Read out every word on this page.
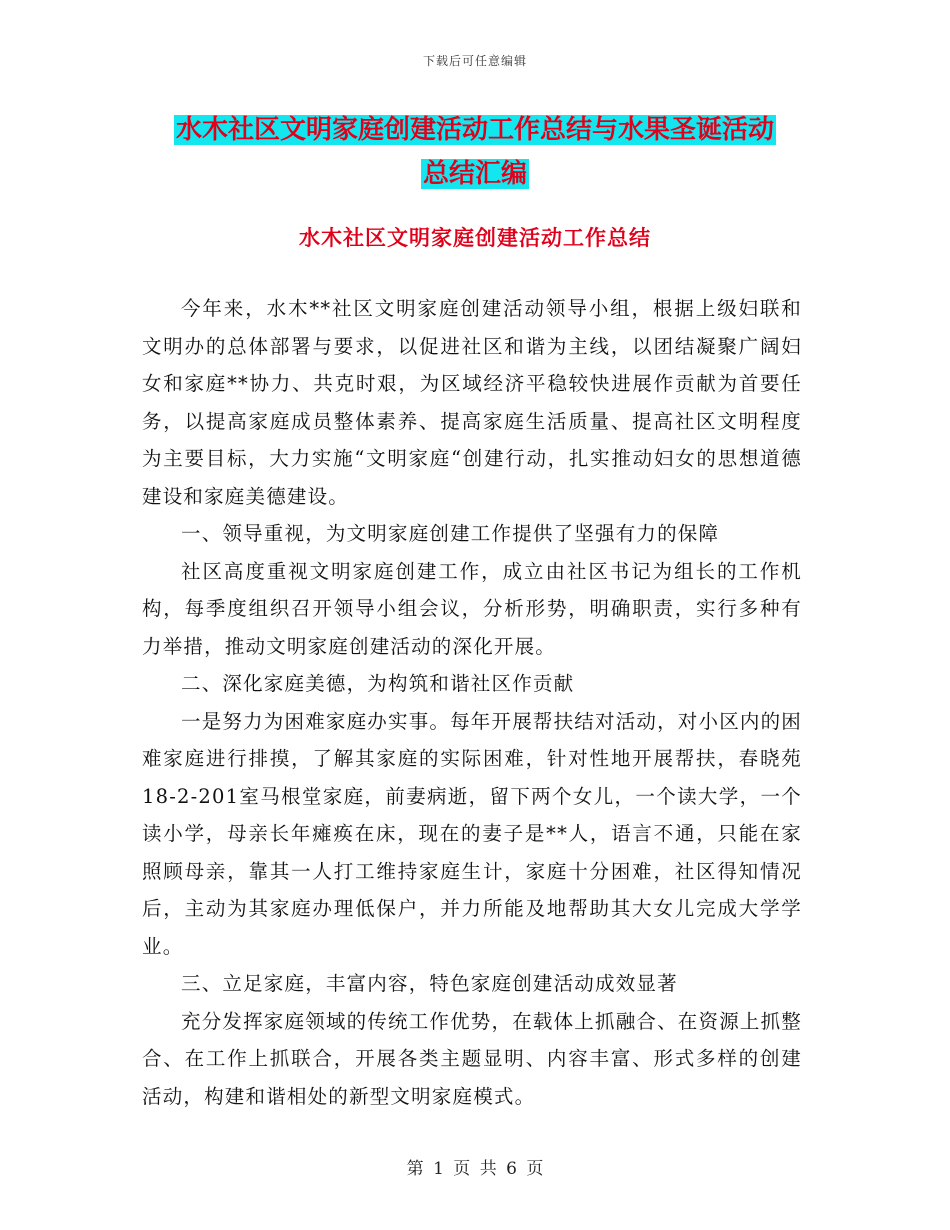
下载后可任意编辑
水木社区文明家庭创建活动工作总结与水果圣诞活动
总结汇编
水木社区文明家庭创建活动工作总结

今年来，水木**社区文明家庭创建活动领导小组，根据上级妇联和文明办的总体部署与要求，以促进社区和谐为主线，以团结凝聚广阔妇女和家庭**协力、共克时艰，为区域经济平稳较快进展作贡献为首要任务，以提高家庭成员整体素养、提高家庭生活质量、提高社区文明程度为主要目标，大力实施“文明家庭“创建行动，扎实推动妇女的思想道德建设和家庭美德建设。

一、领导重视，为文明家庭创建工作提供了坚强有力的保障

社区高度重视文明家庭创建工作，成立由社区书记为组长的工作机构，每季度组织召开领导小组会议，分析形势，明确职责，实行多种有力举措，推动文明家庭创建活动的深化开展。

二、深化家庭美德，为构筑和谐社区作贡献

一是努力为困难家庭办实事。每年开展帮扶结对活动，对小区内的困难家庭进行排摸，了解其家庭的实际困难，针对性地开展帮扶，春晓苑18-2-201室马根堂家庭，前妻病逝，留下两个女儿，一个读大学，一个读小学，母亲长年瘫痪在床，现在的妻子是**人，语言不通，只能在家照顾母亲，靠其一人打工维持家庭生计，家庭十分困难，社区得知情况后，主动为其家庭办理低保户，并力所能及地帮助其大女儿完成大学学业。

三、立足家庭，丰富内容，特色家庭创建活动成效显著

充分发挥家庭领域的传统工作优势，在载体上抓融合、在资源上抓整合、在工作上抓联合，开展各类主题显明、内容丰富、形式多样的创建活动，构建和谐相处的新型文明家庭模式。

第 1 页 共 6 页
